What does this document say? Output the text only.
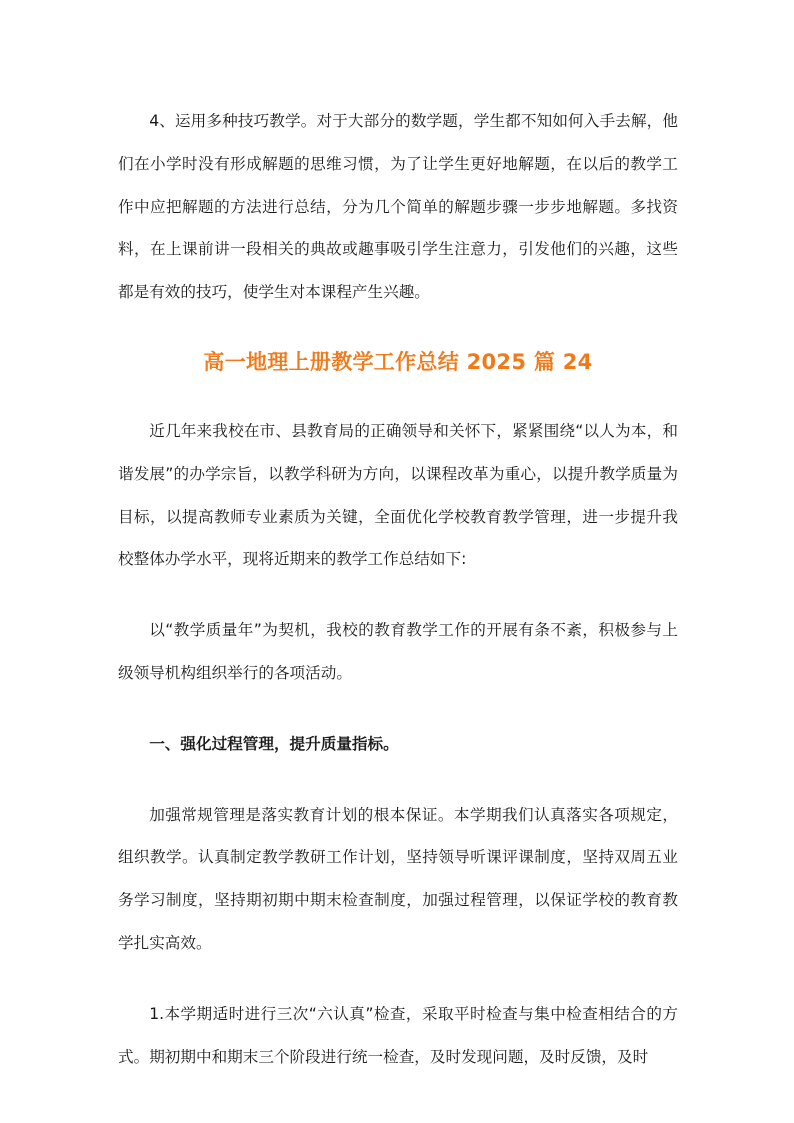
4、运用多种技巧教学。对于大部分的数学题，学生都不知如何入手去解，他们在小学时没有形成解题的思维习惯，为了让学生更好地解题，在以后的教学工作中应把解题的方法进行总结，分为几个简单的解题步骤一步步地解题。多找资料，在上课前讲一段相关的典故或趣事吸引学生注意力，引发他们的兴趣，这些都是有效的技巧，使学生对本课程产生兴趣。

高一地理上册教学工作总结 2025 篇 24

近几年来我校在市、县教育局的正确领导和关怀下，紧紧围绕“以人为本，和谐发展”的办学宗旨，以教学科研为方向，以课程改革为重心，以提升教学质量为目标，以提高教师专业素质为关键，全面优化学校教育教学管理，进一步提升我校整体办学水平，现将近期来的教学工作总结如下:

以“教学质量年”为契机，我校的教育教学工作的开展有条不紊，积极参与上级领导机构组织举行的各项活动。

一、强化过程管理，提升质量指标。

加强常规管理是落实教育计划的根本保证。本学期我们认真落实各项规定，组织教学。认真制定教学教研工作计划，坚持领导听课评课制度，坚持双周五业务学习制度，坚持期初期中期末检查制度，加强过程管理，以保证学校的教育教学扎实高效。

1.本学期适时进行三次“六认真”检查，采取平时检查与集中检查相结合的方式。期初期中和期末三个阶段进行统一检查，及时发现问题，及时反馈，及时
